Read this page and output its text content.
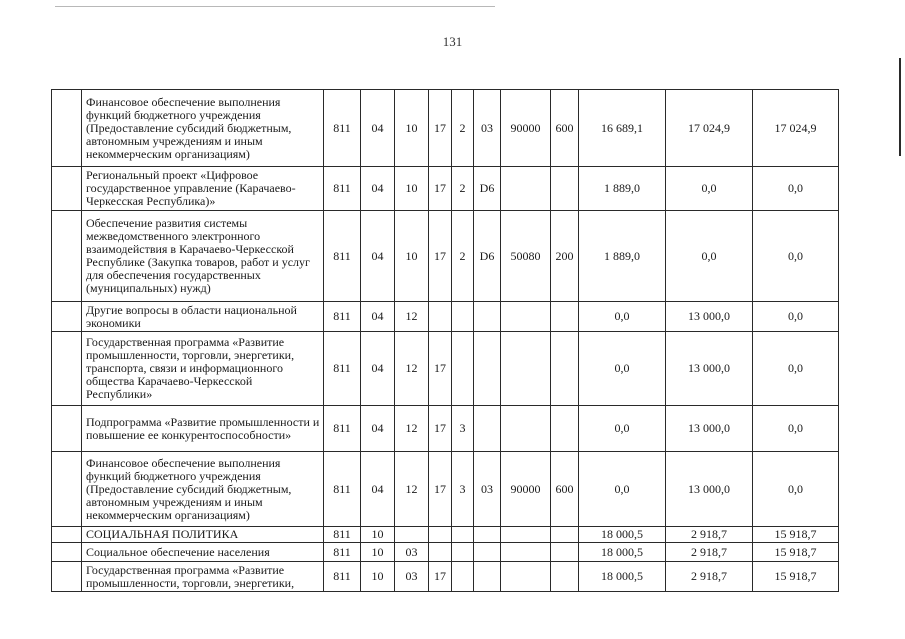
131
	Финансовое обеспечение выполнения функций бюджетного учреждения (Предоставление субсидий бюджетным, автономным учреждениям и иным некоммерческим организациям)	811	04	10	17	2	03	90000	600	16 689,1	17 024,9	17 024,9
	Региональный проект «Цифровое государственное управление (Карачаево-Черкесская Республика)»	811	04	10	17	2	D6			1 889,0	0,0	0,0
	Обеспечение развития системы межведомственного электронного взаимодействия в Карачаево-Черкесской Республике (Закупка товаров, работ и услуг для обеспечения государственных (муниципальных) нужд)	811	04	10	17	2	D6	50080	200	1 889,0	0,0	0,0
	Другие вопросы в области национальной экономики	811	04	12						0,0	13 000,0	0,0
	Государственная программа «Развитие промышленности, торговли, энергетики, транспорта, связи и информационного общества Карачаево-Черкесской Республики»	811	04	12	17					0,0	13 000,0	0,0
	Подпрограмма «Развитие промышленности и повышение ее конкурентоспособности»	811	04	12	17	3				0,0	13 000,0	0,0
	Финансовое обеспечение выполнения функций бюджетного учреждения (Предоставление субсидий бюджетным, автономным учреждениям и иным некоммерческим организациям)	811	04	12	17	3	03	90000	600	0,0	13 000,0	0,0
	СОЦИАЛЬНАЯ ПОЛИТИКА	811	10							18 000,5	2 918,7	15 918,7
	Социальное обеспечение населения	811	10	03						18 000,5	2 918,7	15 918,7
	Государственная программа «Развитие промышленности, торговли, энергетики,	811	10	03	17					18 000,5	2 918,7	15 918,7
